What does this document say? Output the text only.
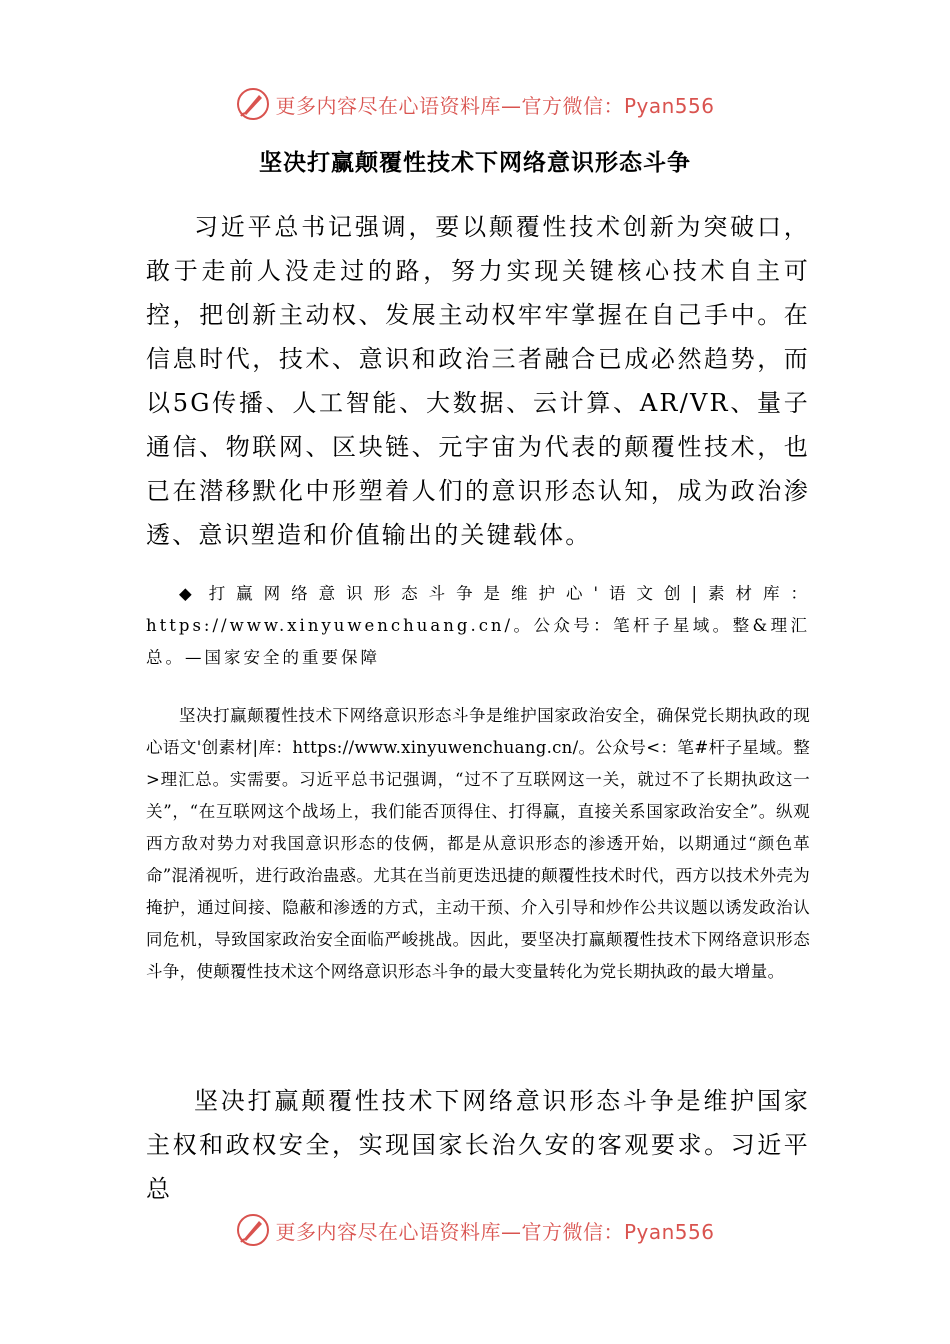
更多内容尽在心语资料库—官方微信：Pyan556
坚决打赢颠覆性技术下网络意识形态斗争

习近平总书记强调，要以颠覆性技术创新为突破口，敢于走前人没走过的路，努力实现关键核心技术自主可控，把创新主动权、发展主动权牢牢掌握在自己手中。在信息时代，技术、意识和政治三者融合已成必然趋势，而以5G传播、人工智能、大数据、云计算、AR/VR、量子通信、物联网、区块链、元宇宙为代表的颠覆性技术，也已在潜移默化中形塑着人们的意识形态认知，成为政治渗透、意识塑造和价值输出的关键载体。

◆ 打赢网络意识形态斗争是维护心'语文创|素材库：https://www.xinyuwenchuang.cn/。公众号：笔杆子星域。整&理汇总。—国家安全的重要保障

坚决打赢颠覆性技术下网络意识形态斗争是维护国家政治安全，确保党长期执政的现心语文'创素材|库：https://www.xinyuwenchuang.cn/。公众号<：笔#杆子星域。整>理汇总。实需要。习近平总书记强调，“过不了互联网这一关，就过不了长期执政这一关”，“在互联网这个战场上，我们能否顶得住、打得赢，直接关系国家政治安全”。纵观西方敌对势力对我国意识形态的伎俩，都是从意识形态的渗透开始，以期通过“颜色革命”混淆视听，进行政治蛊惑。尤其在当前更迭迅捷的颠覆性技术时代，西方以技术外壳为掩护，通过间接、隐蔽和渗透的方式，主动干预、介入引导和炒作公共议题以诱发政治认同危机，导致国家政治安全面临严峻挑战。因此，要坚决打赢颠覆性技术下网络意识形态斗争，使颠覆性技术这个网络意识形态斗争的最大变量转化为党长期执政的最大增量。

坚决打赢颠覆性技术下网络意识形态斗争是维护国家主权和政权安全，实现国家长治久安的客观要求。习近平总

更多内容尽在心语资料库—官方微信：Pyan556
